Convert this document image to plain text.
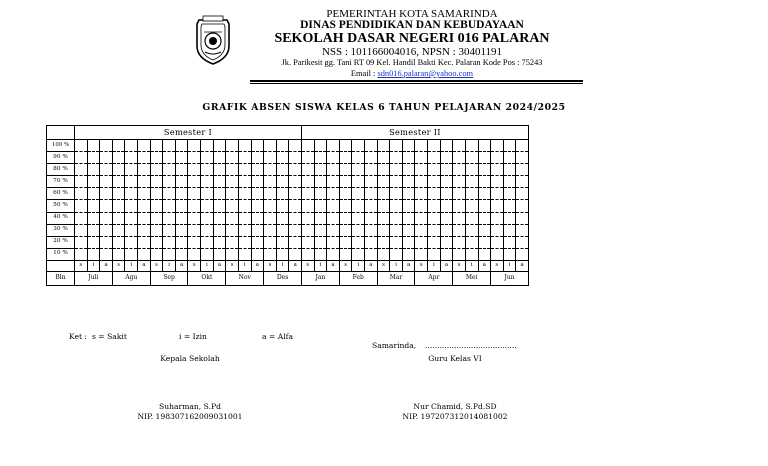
PEMERINTAH KOTA SAMARINDA
DINAS PENDIDIKAN DAN KEBUDAYAAN
SEKOLAH DASAR NEGERI 016 PALARAN
NSS : 101166004016, NPSN : 30401191
Jk. Parikesit gg. Tani RT 09 Kel. Handil Bakti Kec. Palaran Kode Pos : 75243
Email : sdn016.palaran@yahoo.com
GRAFIK ABSEN SISWA KELAS 6 TAHUN PELAJARAN 2024/2025
	Semester I																		Semester II																	
100 %																																				
90 %																																				
80 %																																				
70 %																																				
60 %																																				
50 %																																				
40 %																																				
30 %																																				
20 %																																				
10 %																																				
	s	i	a	s	i	a	s	i	a	s	i	a	s	i	a	s	i	a	s	i	a	s	i	a	s	i	a	s	i	a	s	i	a	s	i	a
Bln	Juli			Agu			Sep			Okt			Nov			Des			Jan			Feb			Mar			Apr			Mei			Jun		
Ket : s = Sakit	i = Izin	a = Alfa
Samarinda, ......................................
Kepala Sekolah	Guru Kelas VI
Suharman, S.Pd
NIP. 198307162009031001
Nur Chamid, S.Pd.SD
NIP. 197207312014081002
